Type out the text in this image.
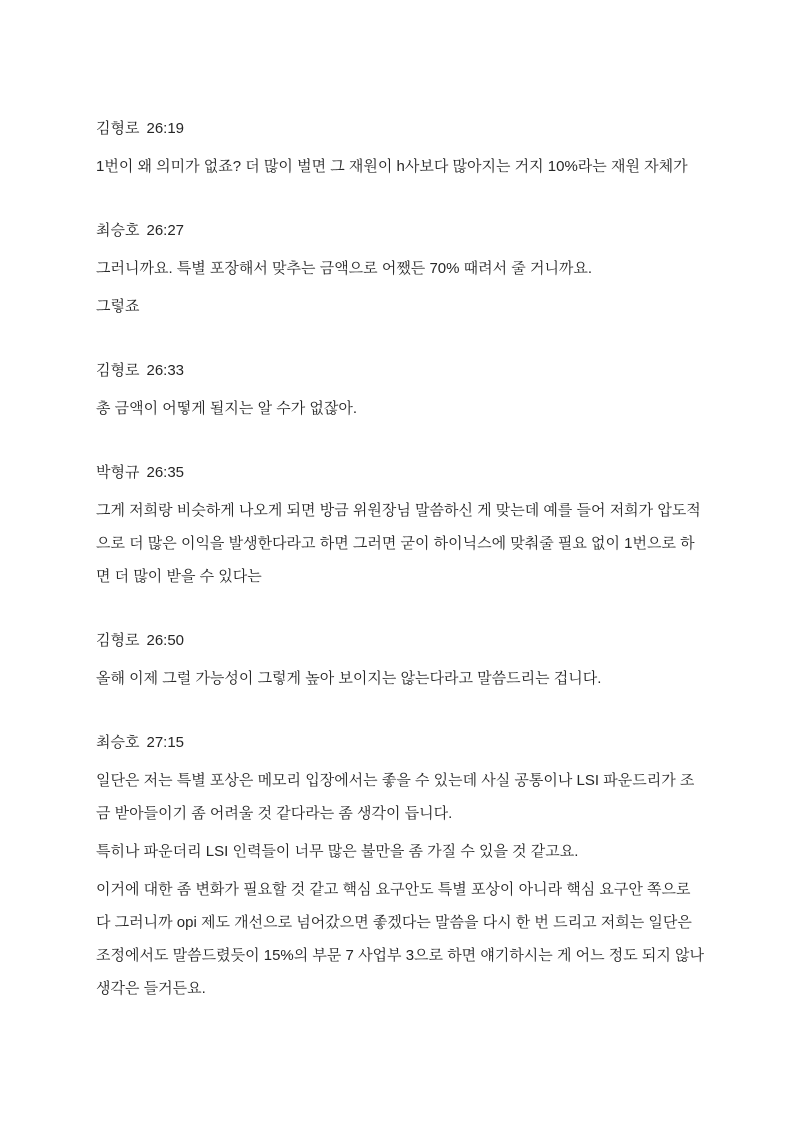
김형로 26:19

1번이 왜 의미가 없죠? 더 많이 벌면 그 재원이 h사보다 많아지는 거지 10%라는 재원 자체가

최승호 26:27

그러니까요. 특별 포장해서 맞추는 금액으로 어쨌든 70% 때려서 줄 거니까요.

그렇죠

김형로 26:33

총 금액이 어떻게 될지는 알 수가 없잖아.

박형규 26:35

그게 저희랑 비슷하게 나오게 되면 방금 위원장님 말씀하신 게 맞는데 예를 들어 저희가 압도적으로 더 많은 이익을 발생한다라고 하면 그러면 굳이 하이닉스에 맞춰줄 필요 없이 1번으로 하면 더 많이 받을 수 있다는

김형로 26:50

올해 이제 그럴 가능성이 그렇게 높아 보이지는 않는다라고 말씀드리는 겁니다.

최승호 27:15

일단은 저는 특별 포상은 메모리 입장에서는 좋을 수 있는데 사실 공통이나 LSI 파운드리가 조금 받아들이기 좀 어려울 것 같다라는 좀 생각이 듭니다.

특히나 파운더리 LSI 인력들이 너무 많은 불만을 좀 가질 수 있을 것 같고요.

이거에 대한 좀 변화가 필요할 것 같고 핵심 요구안도 특별 포상이 아니라 핵심 요구안 쪽으로 다 그러니까 opi 제도 개선으로 넘어갔으면 좋겠다는 말씀을 다시 한 번 드리고 저희는 일단은 조정에서도 말씀드렸듯이 15%의 부문 7 사업부 3으로 하면 얘기하시는 게 어느 정도 되지 않나 생각은 들거든요.
